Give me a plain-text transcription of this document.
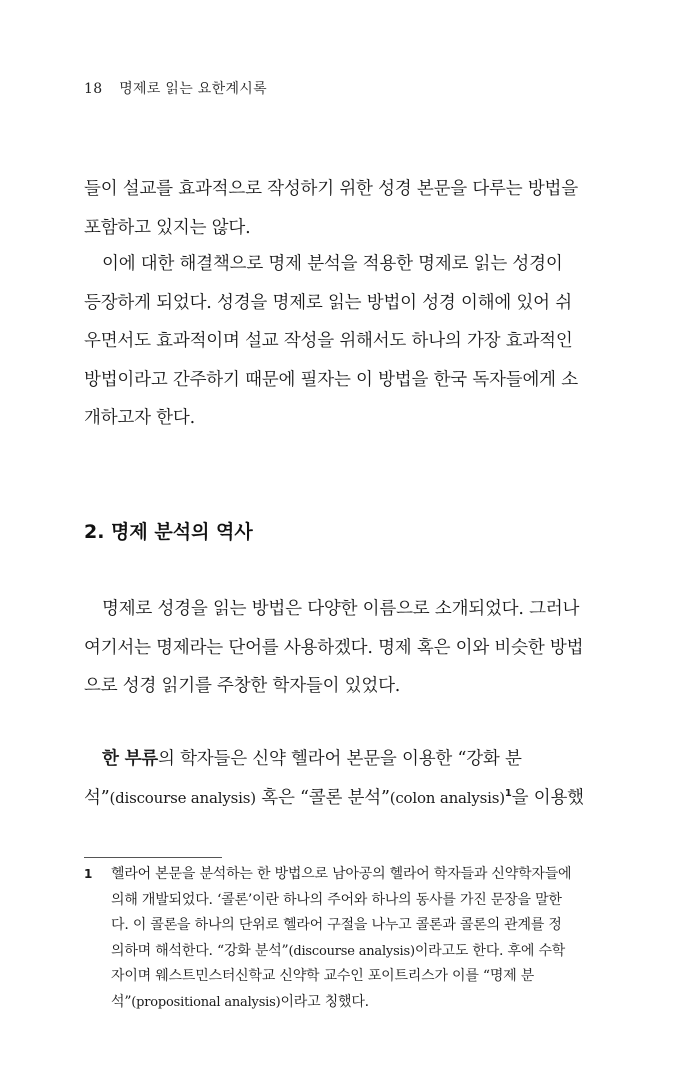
18 명제로 읽는 요한계시록

들이 설교를 효과적으로 작성하기 위한 성경 본문을 다루는 방법을 포함하고 있지는 않다.

이에 대한 해결책으로 명제 분석을 적용한 명제로 읽는 성경이 등장하게 되었다. 성경을 명제로 읽는 방법이 성경 이해에 있어 쉬우면서도 효과적이며 설교 작성을 위해서도 하나의 가장 효과적인 방법이라고 간주하기 때문에 필자는 이 방법을 한국 독자들에게 소개하고자 한다.

2. 명제 분석의 역사

명제로 성경을 읽는 방법은 다양한 이름으로 소개되었다. 그러나 여기서는 명제라는 단어를 사용하겠다. 명제 혹은 이와 비슷한 방법으로 성경 읽기를 주창한 학자들이 있었다.

한 부류의 학자들은 신약 헬라어 본문을 이용한 “강화 분석”(discourse analysis) 혹은 “콜론 분석”(colon analysis)$^1$을 이용했

1 헬라어 본문을 분석하는 한 방법으로 남아공의 헬라어 학자들과 신약학자들에 의해 개발되었다. ‘콜론’이란 하나의 주어와 하나의 동사를 가진 문장을 말한다. 이 콜론을 하나의 단위로 헬라어 구절을 나누고 콜론과 콜론의 관계를 정의하며 해석한다. “강화 분석”(discourse analysis)이라고도 한다. 후에 수학자이며 웨스트민스터신학교 신약학 교수인 포이트리스가 이를 “명제 분석”(propositional analysis)이라고 칭했다.
